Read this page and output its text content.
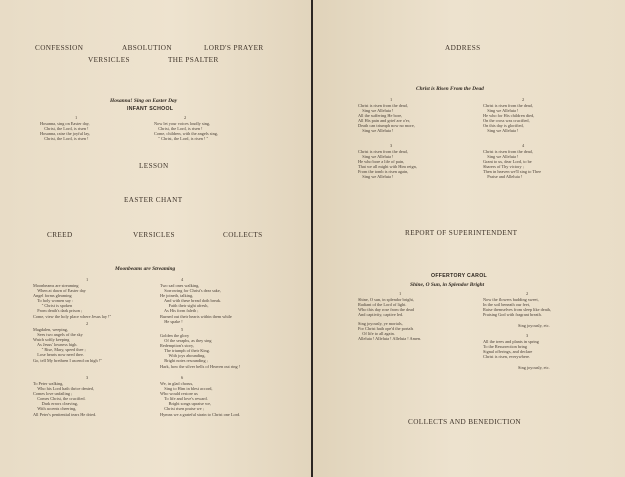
CONFESSION	ABSOLUTION	LORD'S PRAYER
VERSICLES	THE PSALTER
Hosanna! Sing on Easter Day
INFANT SCHOOL
1
Hosanna, sing on Easter day,
Christ, the Lord, is risen !
Hosanna, raise the joyful lay,
Christ, the Lord, is risen !
2
Now let your voices loudly sing,
Christ, the Lord, is risen !
Come, children, with the angels sing,
" Christ, the Lord, is risen ! "
LESSON
EASTER CHANT
CREED	VERSICLES	COLLECTS
Moonbeams are Streaming
1
Moonbeams are streaming
When at dawn of Easter day
Angel forms gleaming
To holy women say :
" Christ is spoken
From death's dark prison ;
Come, view the holy place where Jesus lay !"
2
Magdalen, weeping,
Sees two angels of the sky
Watch softly keeping
As Jesus' lowness high.
" Rise, Mary, speed thee ;
Lose hearts now need thee.
Go, tell My brethren I ascend on high !"
3
To Peter walking,
Who his Lord hath thrice denied,
Comes love unfailing ;
Comes Christ, the crucified.
Dark errors cleaving,
With accents cheering,
All Peter's penitential tears He dried.
4
Two sad ones walking,
Sorrowing for Christ's dear sake,
He joineth, talking,
And with these bread doth break.
Faith their sight afresh,
As His form faleth ;
Burned out their hearts within them while
He spake !
5
Golden the glory
Of the seraphs, as they sing
Redemption's story,
The triumph of their King.
With joys abounding,
Bright notes resounding ;
Hark, how the silver bells of Heaven out ring !
6
We, in glad chorus,
Sing to Him in blest accord,
Who would restore us
To life and love's reward.
Bright songs upraise we,
Christ risen praise we ;
Hymns we a grateful strain to Christ one Lord.
ADDRESS
Christ is Risen From the Dead
1
Christ is risen from the dead,
Sing we Alleluia !
All the suffering He bore,
All His pain and grief are o'er,
Death can triumph now no more,
Sing we Alleluia !
2
Christ is risen from the dead,
Sing we Alleluia !
He who for His children died,
On the cross was crucified,
On this day is glorified,
Sing we Alleluia !
3
Christ is risen from the dead,
Sing we Alleluia !
He who bore a life of pain,
That we all might with Him reign,
From the tomb is risen again,
Sing we Alleluia !
4
Christ is risen from the dead,
Sing we Alleluia !
Grant to us, dear Lord, to be
Sharers of Thy victory ;
Then in heaven we'll sing to Thee
Praise and Alleluia !
REPORT OF SUPERINTENDENT
OFFERTORY CAROL
Shine, O Sun, in Splendor Bright
1
Shine, O sun, in splendor bright,
Radiant of the Lord of light.
Who this day rose from the dead
And captivity, captive led.
Sing joyously, ye mortals,
For Christ hath ope'd the portals
Of life to all again.
Alleluia ! Alleluia ! Alleluia ! Amen.
2
Now the flowers budding sweet,
In the soil beneath our feet,
Raise themselves from sleep like death,
Praising God with fragrant breath.
Sing joyously, etc.
3
All the trees and plants in spring
To the Resurrection bring
Signal offerings, and declare
Christ is risen, everywhere.
Sing joyously, etc.
COLLECTS AND BENEDICTION
